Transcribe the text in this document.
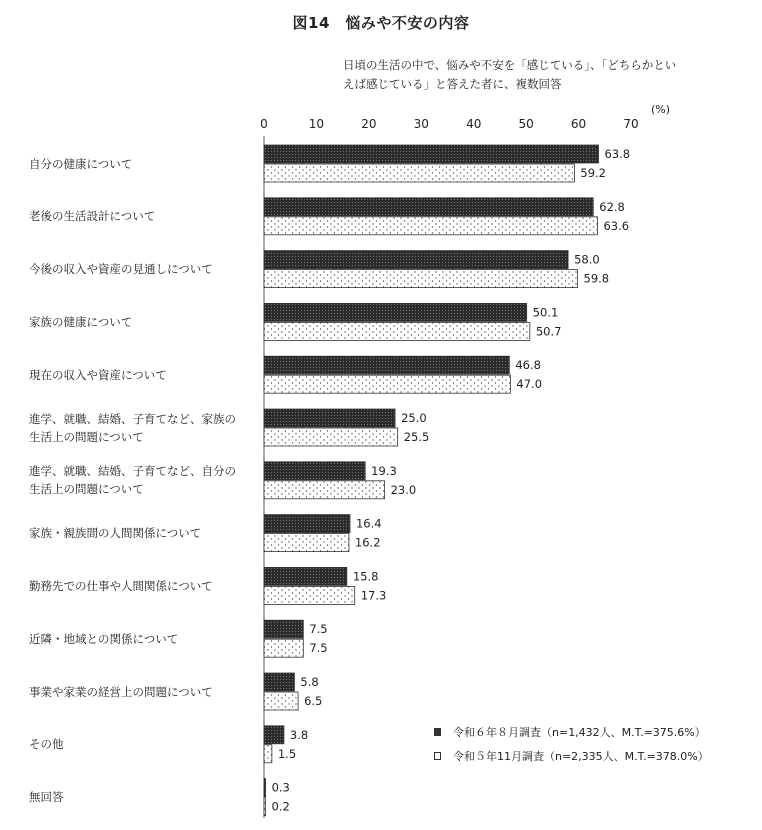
図14　悩みや不安の内容
日頃の生活の中で、悩みや不安を「感じている」、「どちらかといえば感じている」と答えた者に、複数回答
(%)
自分の健康について
老後の生活設計について
今後の収入や資産の見通しについて
家族の健康について
現在の収入や資産について
進学、就職、結婚、子育てなど、家族の
生活上の問題について
進学、就職、結婚、子育てなど、自分の
生活上の問題について
家族・親族間の人間関係について
勤務先での仕事や人間関係について
近隣・地域との関係について
事業や家業の経営上の問題について
その他
無回答
0	10	20	30	40	50	60	70
63.8
59.2
62.8
63.6
58.0
59.8
50.1
50.7
46.8
47.0
25.0
25.5
19.3
23.0
16.4
16.2
15.8
17.3
7.5
7.5
5.8
6.5
3.8
1.5
0.3
0.2
令和６年８月調査（n=1,432人、M.T.=375.6%）
令和５年11月調査（n=2,335人、M.T.=378.0%）
